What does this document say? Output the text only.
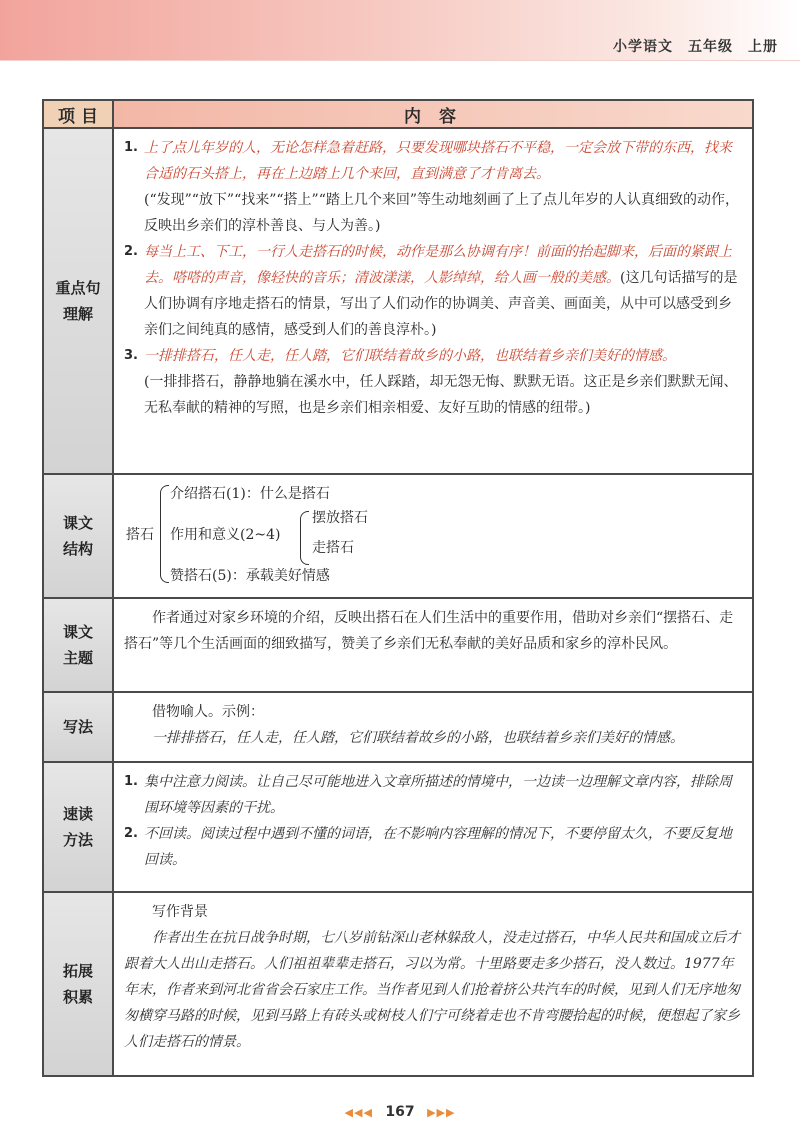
小学语文　五年级　上册
项 目	内 容
重点句
理解
1. 上了点儿年岁的人，无论怎样急着赶路，只要发现哪块搭石不平稳，一定会放下带的东西，找来合适的石头搭上，再在上边踏上几个来回，直到满意了才肯离去。
(“发现”“放下”“找来”“搭上”“踏上几个来回”等生动地刻画了上了点儿年岁的人认真细致的动作，反映出乡亲们的淳朴善良、与人为善。)
2. 每当上工、下工，一行人走搭石的时候，动作是那么协调有序！前面的抬起脚来，后面的紧跟上去。嗒嗒的声音，像轻快的音乐；清波漾漾，人影绰绰，给人画一般的美感。(这几句话描写的是人们协调有序地走搭石的情景，写出了人们动作的协调美、声音美、画面美，从中可以感受到乡亲们之间纯真的感情，感受到人们的善良淳朴。)
3. 一排排搭石，任人走，任人踏，它们联结着故乡的小路，也联结着乡亲们美好的情感。
(一排排搭石，静静地躺在溪水中，任人踩踏，却无怨无悔、默默无语。这正是乡亲们默默无闻、无私奉献的精神的写照，也是乡亲们相亲相爱、友好互助的情感的纽带。)
课文
结构
搭石
介绍搭石(1)：什么是搭石
作用和意义(2~4)
摆放搭石
走搭石
赞搭石(5)：承载美好情感
课文
主题
作者通过对家乡环境的介绍，反映出搭石在人们生活中的重要作用，借助对乡亲们“摆搭石、走搭石”等几个生活画面的细致描写，赞美了乡亲们无私奉献的美好品质和家乡的淳朴民风。
写法
借物喻人。示例：
一排排搭石，任人走，任人踏，它们联结着故乡的小路，也联结着乡亲们美好的情感。
速读
方法
1. 集中注意力阅读。让自己尽可能地进入文章所描述的情境中，一边读一边理解文章内容，排除周围环境等因素的干扰。
2. 不回读。阅读过程中遇到不懂的词语，在不影响内容理解的情况下，不要停留太久，不要反复地回读。
拓展
积累
写作背景
作者出生在抗日战争时期，七八岁前钻深山老林躲敌人，没走过搭石，中华人民共和国成立后才跟着大人出山走搭石。人们祖祖辈辈走搭石，习以为常。十里路要走多少搭石，没人数过。1977年年末，作者来到河北省省会石家庄工作。当作者见到人们抢着挤公共汽车的时候，见到人们无序地匆匆横穿马路的时候，见到马路上有砖头或树枝人们宁可绕着走也不肯弯腰拾起的时候，便想起了家乡人们走搭石的情景。
◀◀◀ 167 ▶▶▶
